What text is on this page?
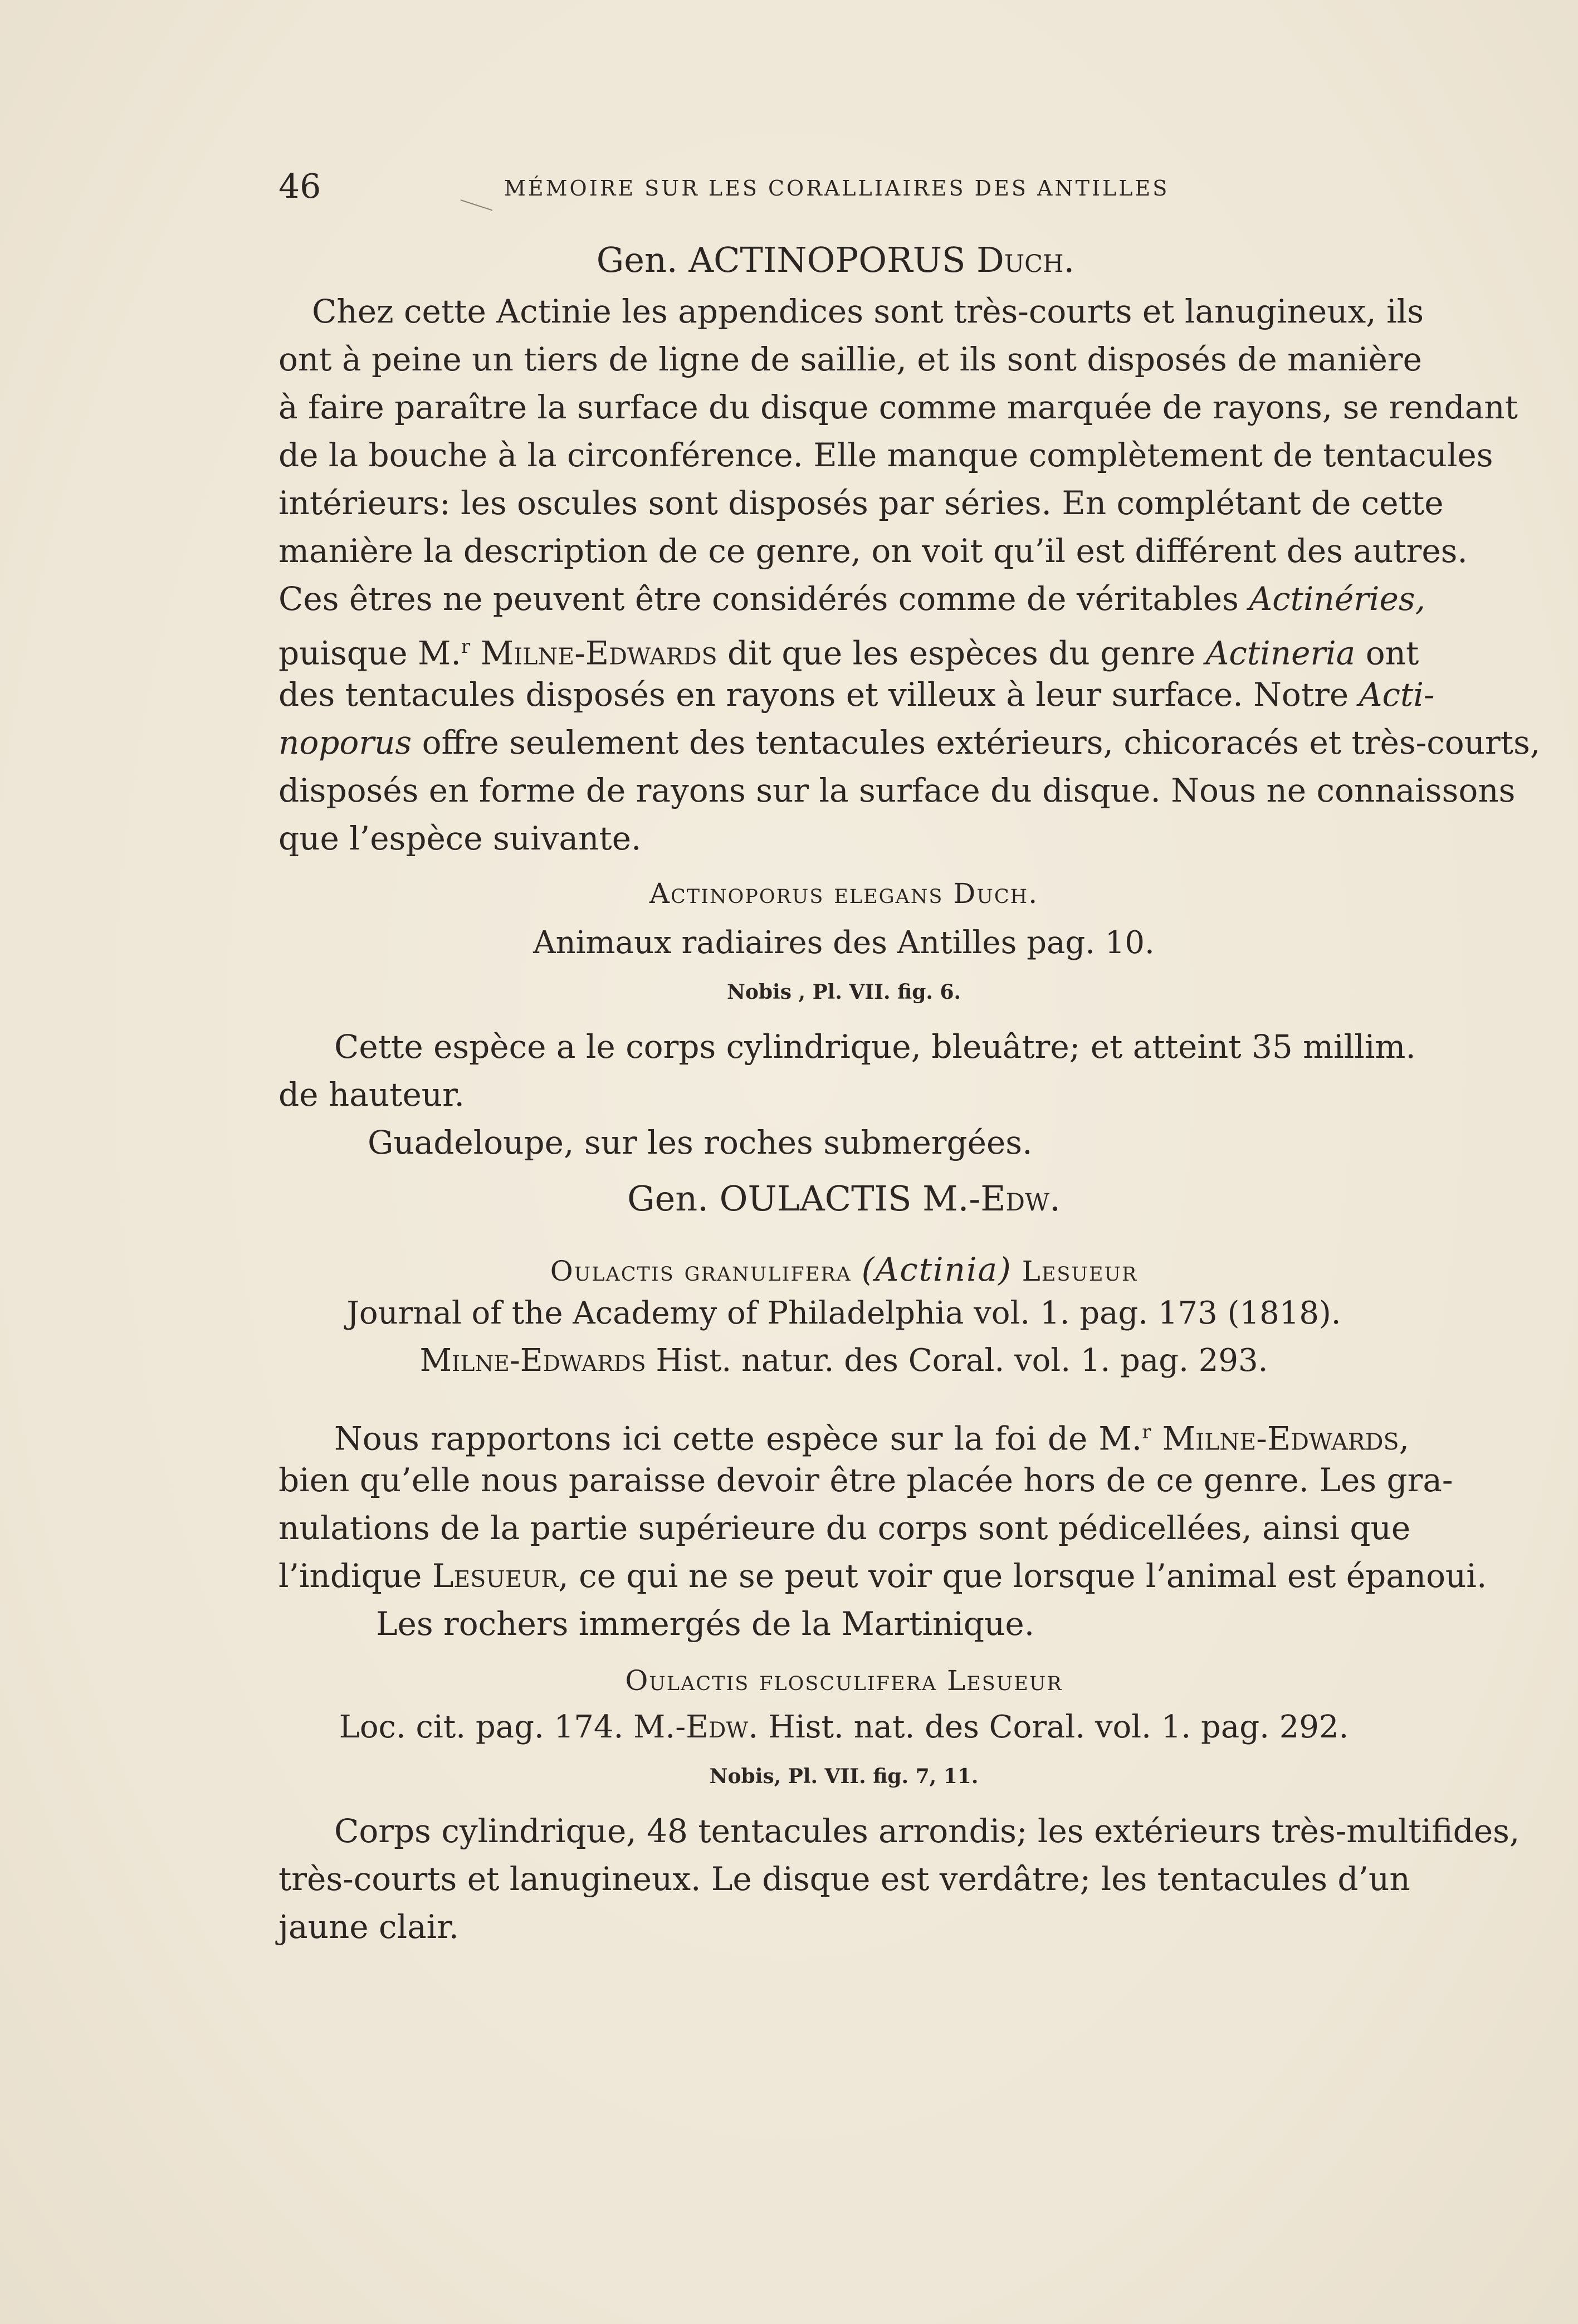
46	MÉMOIRE SUR LES CORALLIAIRES DES ANTILLES
Gen. ACTINOPORUS Duch.
Chez cette Actinie les appendices sont très-courts et lanugineux, ils
ont à peine un tiers de ligne de saillie, et ils sont disposés de manière
à faire paraître la surface du disque comme marquée de rayons, se rendant
de la bouche à la circonférence. Elle manque complètement de tentacules
intérieurs: les oscules sont disposés par séries. En complétant de cette
manière la description de ce genre, on voit qu’il est différent des autres.
Ces êtres ne peuvent être considérés comme de véritables Actinéries,
puisque M.$^r$ Milne-Edwards dit que les espèces du genre Actineria ont
des tentacules disposés en rayons et villeux à leur surface. Notre Acti-
noporus offre seulement des tentacules extérieurs, chicoracés et très-courts,
disposés en forme de rayons sur la surface du disque. Nous ne connaissons
que l’espèce suivante.
Actinoporus elegans Duch.
Animaux radiaires des Antilles pag. 10.
Nobis , Pl. VII. fig. 6.
Cette espèce a le corps cylindrique, bleuâtre; et atteint 35 millim.
de hauteur.
Guadeloupe, sur les roches submergées.
Gen. OULACTIS M.-Edw.
Oulactis granulifera (Actinia) Lesueur
Journal of the Academy of Philadelphia vol. 1. pag. 173 (1818).
Milne-Edwards Hist. natur. des Coral. vol. 1. pag. 293.
Nous rapportons ici cette espèce sur la foi de M.$^r$ Milne-Edwards,
bien qu’elle nous paraisse devoir être placée hors de ce genre. Les gra-
nulations de la partie supérieure du corps sont pédicellées, ainsi que
l’indique Lesueur, ce qui ne se peut voir que lorsque l’animal est épanoui.
Les rochers immergés de la Martinique.
Oulactis flosculifera Lesueur
Loc. cit. pag. 174. M.-Edw. Hist. nat. des Coral. vol. 1. pag. 292.
Nobis, Pl. VII. fig. 7, 11.
Corps cylindrique, 48 tentacules arrondis; les extérieurs très-multifides,
très-courts et lanugineux. Le disque est verdâtre; les tentacules d’un
jaune clair.
